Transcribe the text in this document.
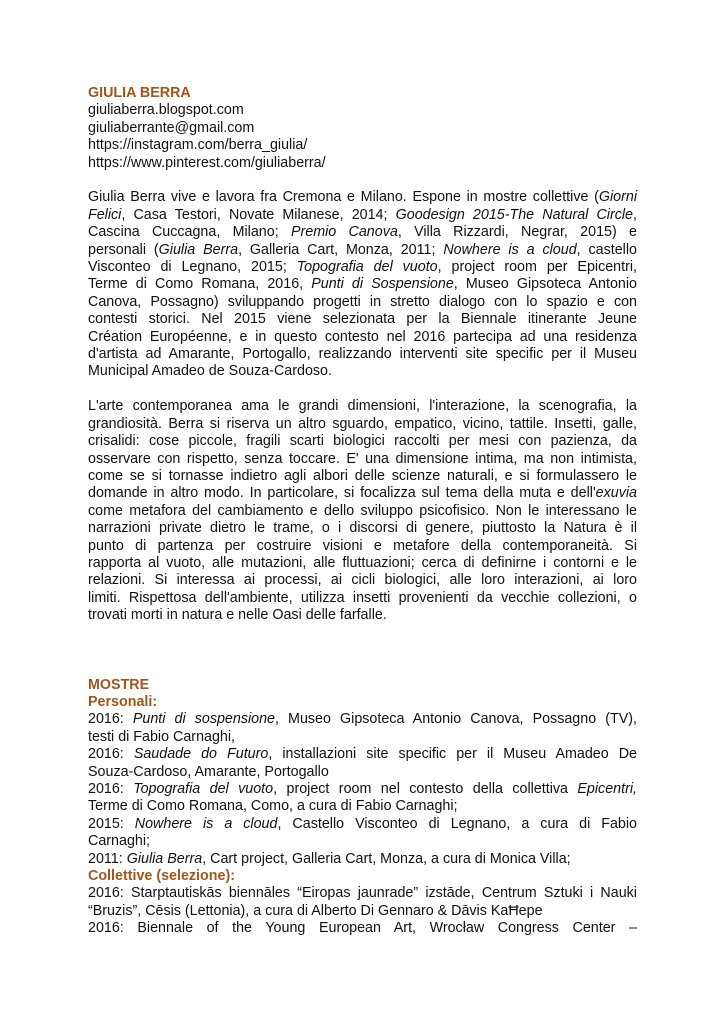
GIULIA BERRA
giuliaberra.blogspot.com
giuliaberrante@gmail.com
https://instagram.com/berra_giulia/
https://www.pinterest.com/giuliaberra/
Giulia Berra vive e lavora fra Cremona e Milano. Espone in mostre collettive (Giorni
Felici, Casa Testori, Novate Milanese, 2014; Goodesign 2015-The Natural Circle,
Cascina Cuccagna, Milano; Premio Canova, Villa Rizzardi, Negrar, 2015) e
personali (Giulia Berra, Galleria Cart, Monza, 2011; Nowhere is a cloud, castello
Visconteo di Legnano, 2015; Topografia del vuoto, project room per Epicentri,
Terme di Como Romana, 2016, Punti di Sospensione, Museo Gipsoteca Antonio
Canova, Possagno) sviluppando progetti in stretto dialogo con lo spazio e con
contesti storici. Nel 2015 viene selezionata per la Biennale itinerante Jeune
Création Européenne, e in questo contesto nel 2016 partecipa ad una residenza
d'artista ad Amarante, Portogallo, realizzando interventi site specific per il Museu
Municipal Amadeo de Souza-Cardoso.
L'arte contemporanea ama le grandi dimensioni, l'interazione, la scenografia, la
grandiosità. Berra si riserva un altro sguardo, empatico, vicino, tattile. Insetti, galle,
crisalidi: cose piccole, fragili scarti biologici raccolti per mesi con pazienza, da
osservare con rispetto, senza toccare. E' una dimensione intima, ma non intimista,
come se si tornasse indietro agli albori delle scienze naturali, e si formulassero le
domande in altro modo. In particolare, si focalizza sul tema della muta e dell'exuvia
come metafora del cambiamento e dello sviluppo psicofisico. Non le interessano le
narrazioni private dietro le trame, o i discorsi di genere, piuttosto la Natura è il
punto di partenza per costruire visioni e metafore della contemporaneità. Si
rapporta al vuoto, alle mutazioni, alle fluttuazioni; cerca di definirne i contorni e le
relazioni. Si interessa ai processi, ai cicli biologici, alle loro interazioni, ai loro
limiti. Rispettosa dell'ambiente, utilizza insetti provenienti da vecchie collezioni, o
trovati morti in natura e nelle Oasi delle farfalle.
MOSTRE
Personali:
2016: Punti di sospensione, Museo Gipsoteca Antonio Canova, Possagno (TV),
testi di Fabio Carnaghi,
2016: Saudade do Futuro, installazioni site specific per il Museu Amadeo De
Souza-Cardoso, Amarante, Portogallo
2016: Topografia del vuoto, project room nel contesto della collettiva Epicentri,
Terme di Como Romana, Como, a cura di Fabio Carnaghi;
2015: Nowhere is a cloud, Castello Visconteo di Legnano, a cura di Fabio
Carnaghi;
2011: Giulia Berra, Cart project, Galleria Cart, Monza, a cura di Monica Villa;
Collettive (selezione):
2016: Starptautiskās biennāles “Eiropas jaunrade” izstāde, Centrum Sztuki i Nauki
“Bruzis”, Cēsis (Lettonia), a cura di Alberto Di Gennaro & Dāvis KaĦepe
2016: Biennale of the Young European Art, Wrocław Congress Center –
